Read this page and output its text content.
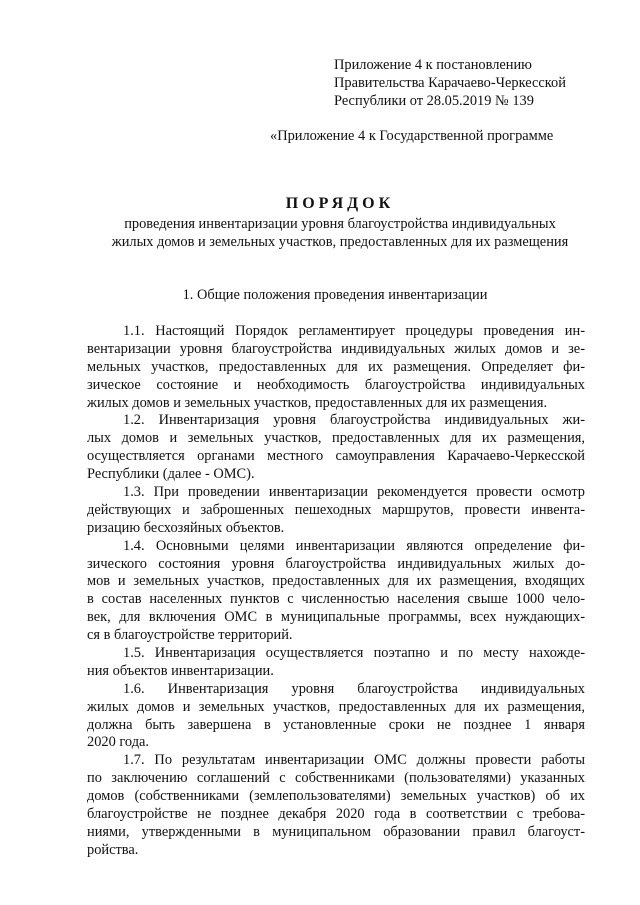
Приложение 4 к постановлению
Правительства Карачаево-Черкесской
Республики от 28.05.2019 № 139
«Приложение 4 к Государственной программе
ПОРЯДОК
проведения инвентаризации уровня благоустройства индивидуальных
жилых домов и земельных участков, предоставленных для их размещения
1. Общие положения проведения инвентаризации
1.1. Настоящий Порядок регламентирует процедуры проведения ин-
вентаризации уровня благоустройства индивидуальных жилых домов и зе-
мельных участков, предоставленных для их размещения. Определяет фи-
зическое состояние и необходимость благоустройства индивидуальных
жилых домов и земельных участков, предоставленных для их размещения.
1.2. Инвентаризация уровня благоустройства индивидуальных жи-
лых домов и земельных участков, предоставленных для их размещения,
осуществляется органами местного самоуправления Карачаево-Черкесской
Республики (далее - ОМС).
1.3. При проведении инвентаризации рекомендуется провести осмотр
действующих и заброшенных пешеходных маршрутов, провести инвента-
ризацию бесхозяйных объектов.
1.4. Основными целями инвентаризации являются определение фи-
зического состояния уровня благоустройства индивидуальных жилых до-
мов и земельных участков, предоставленных для их размещения, входящих
в состав населенных пунктов с численностью населения свыше 1000 чело-
век, для включения ОМС в муниципальные программы, всех нуждающих-
ся в благоустройстве территорий.
1.5. Инвентаризация осуществляется поэтапно и по месту нахожде-
ния объектов инвентаризации.
1.6. Инвентаризация уровня благоустройства индивидуальных
жилых домов и земельных участков, предоставленных для их размещения,
должна быть завершена в установленные сроки не позднее 1 января
2020 года.
1.7. По результатам инвентаризации ОМС должны провести работы
по заключению соглашений с собственниками (пользователями) указанных
домов (собственниками (землепользователями) земельных участков) об их
благоустройстве не позднее декабря 2020 года в соответствии с требова-
ниями, утвержденными в муниципальном образовании правил благоуст-
ройства.
